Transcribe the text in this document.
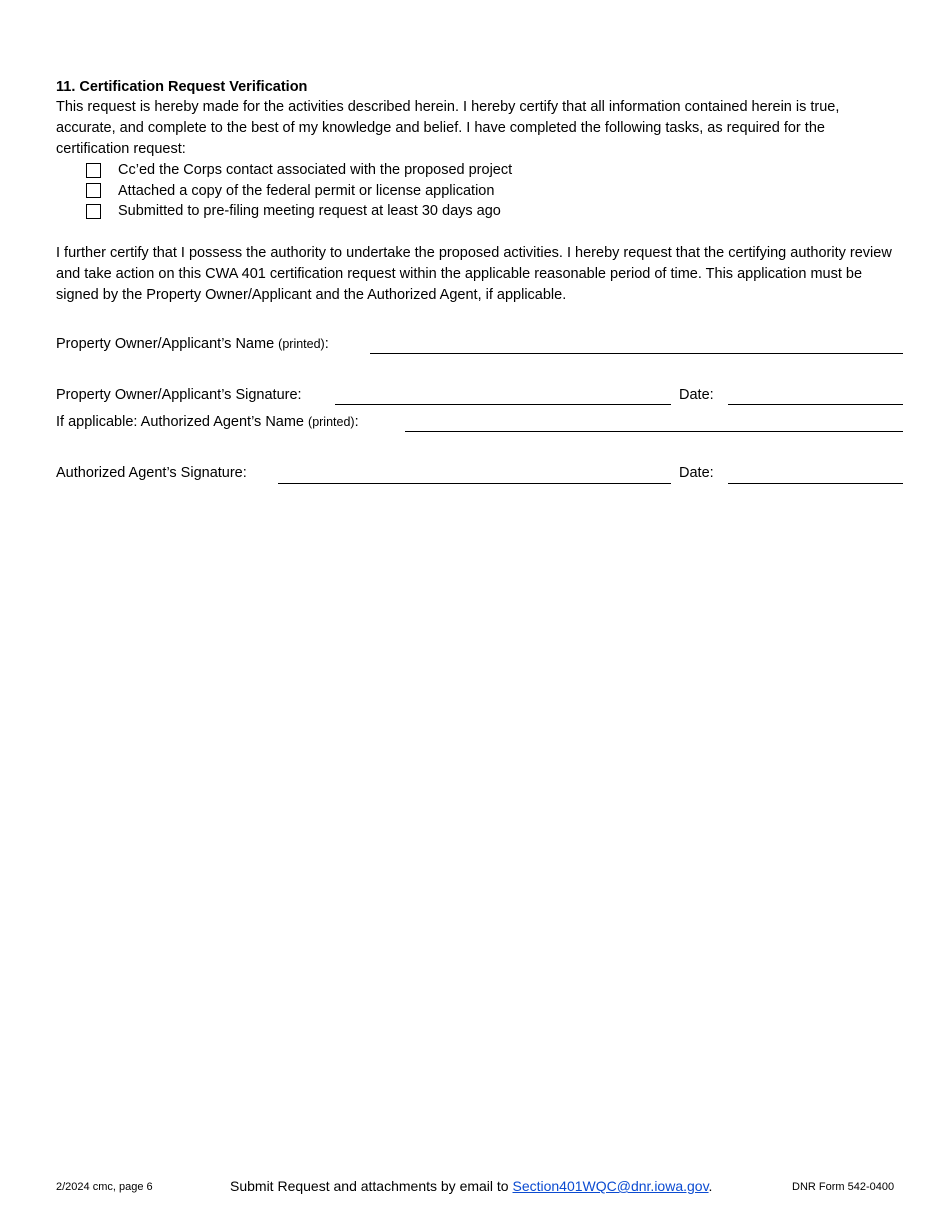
11. Certification Request Verification
This request is hereby made for the activities described herein. I hereby certify that all information contained herein is true, accurate, and complete to the best of my knowledge and belief. I have completed the following tasks, as required for the certification request:
Cc’ed the Corps contact associated with the proposed project
Attached a copy of the federal permit or license application
Submitted to pre-filing meeting request at least 30 days ago
I further certify that I possess the authority to undertake the proposed activities. I hereby request that the certifying authority review and take action on this CWA 401 certification request within the applicable reasonable period of time. This application must be signed by the Property Owner/Applicant and the Authorized Agent, if applicable.
Property Owner/Applicant’s Name (printed):
Property Owner/Applicant’s Signature:	Date:
If applicable: Authorized Agent’s Name (printed):
Authorized Agent’s Signature:	Date:
2/2024 cmc, page 6	Submit Request and attachments by email to Section401WQC@dnr.iowa.gov.	DNR Form 542-0400
